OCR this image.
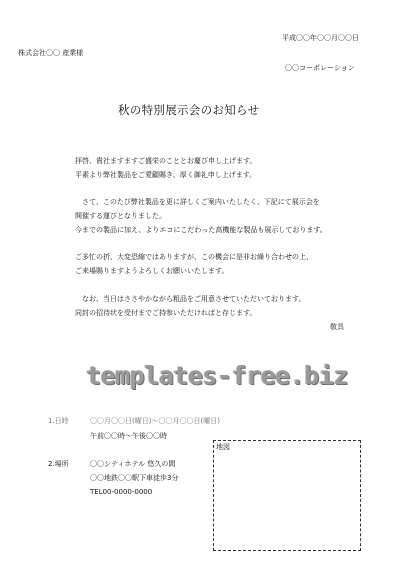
平成〇〇年〇〇月〇〇日
株式会社〇〇 産業様
〇〇コーポレーション
秋の特別展示会のお知らせ
拝啓、貴社ますますご盛栄のこととお慶び申し上げます。
平素より弊社製品をご愛顧賜き、厚く御礼申し上げます。
さて、このたび弊社製品を更に詳しくご案内いたしたく、下記にて展示会を
開催する運びとなりました。
今までの製品に加え、よりエコにこだわった高機能な製品も展示しております。
ご多忙の折、大変恐縮ではありますが、この機会に是非お繰り合わせの上、
ご来場賜りますようよろしくお願いいたします。
なお、当日はささやかながら粗品をご用意させていただいております。
同封の招待状を受付までご持参いただければと存じます。
敬具
templates-free.biz
1.日時	〇〇月〇〇日(曜日)～〇〇月〇〇日(曜日)
午前〇〇時～午後〇〇時
2.場所	〇〇シティホテル 悠久の間
〇〇地鉄〇〇駅下車徒歩3分
TEL00-0000-0000
地図
